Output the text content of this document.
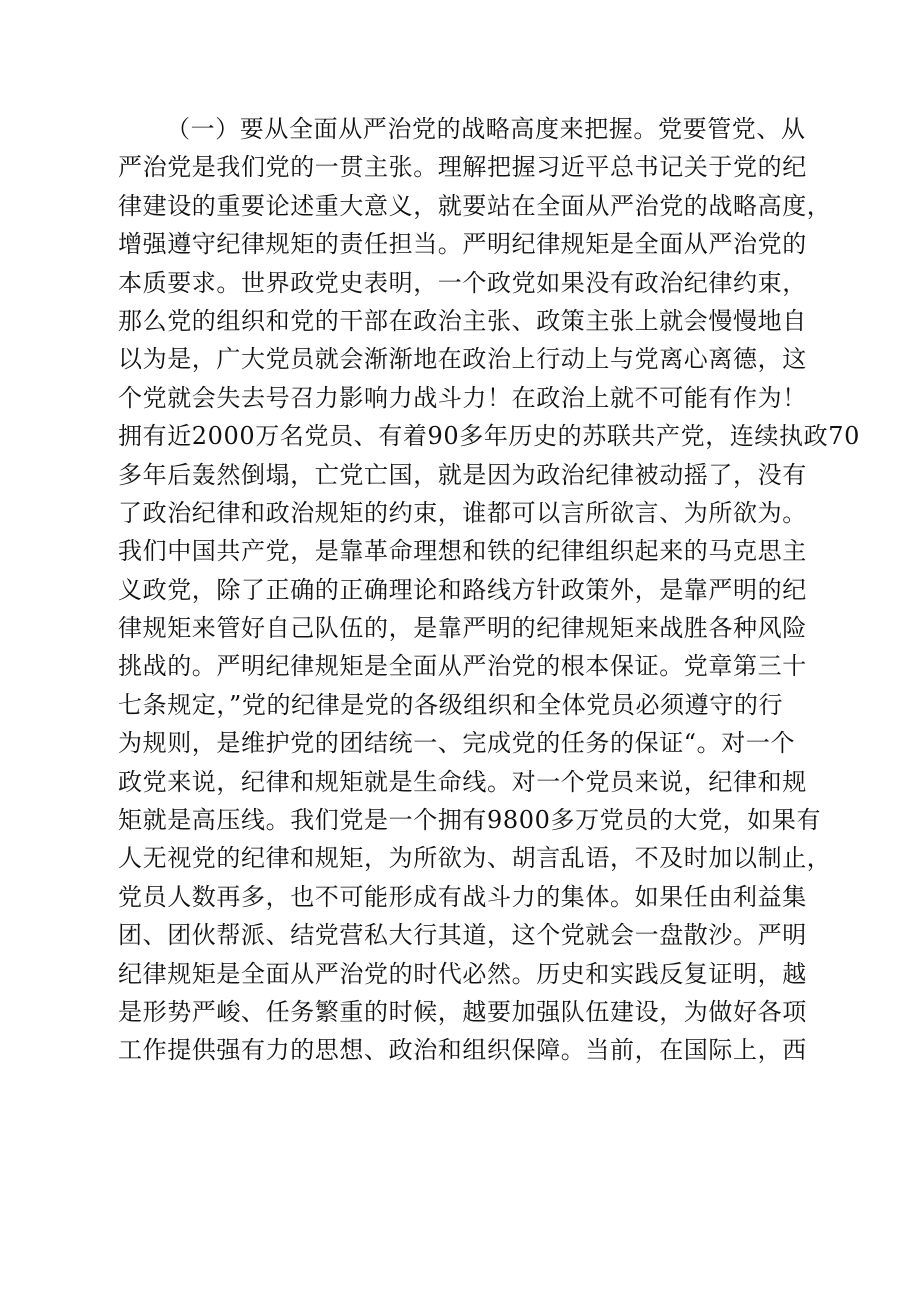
（一）要从全面从严治党的战略高度来把握。党要管党、从
严治党是我们党的一贯主张。理解把握习近平总书记关于党的纪
律建设的重要论述重大意义，就要站在全面从严治党的战略高度，
增强遵守纪律规矩的责任担当。严明纪律规矩是全面从严治党的
本质要求。世界政党史表明，一个政党如果没有政治纪律约束，
那么党的组织和党的干部在政治主张、政策主张上就会慢慢地自
以为是，广大党员就会渐渐地在政治上行动上与党离心离德，这
个党就会失去号召力影响力战斗力！在政治上就不可能有作为！
拥有近2000万名党员、有着90多年历史的苏联共产党，连续执政70
多年后轰然倒塌，亡党亡国，就是因为政治纪律被动摇了，没有
了政治纪律和政治规矩的约束，谁都可以言所欲言、为所欲为。
我们中国共产党，是靠革命理想和铁的纪律组织起来的马克思主
义政党，除了正确的正确理论和路线方针政策外，是靠严明的纪
律规矩来管好自己队伍的，是靠严明的纪律规矩来战胜各种风险
挑战的。严明纪律规矩是全面从严治党的根本保证。党章第三十
七条规定，”党的纪律是党的各级组织和全体党员必须遵守的行
为规则，是维护党的团结统一、完成党的任务的保证“。对一个
政党来说，纪律和规矩就是生命线。对一个党员来说，纪律和规
矩就是高压线。我们党是一个拥有9800多万党员的大党，如果有
人无视党的纪律和规矩，为所欲为、胡言乱语，不及时加以制止，
党员人数再多，也不可能形成有战斗力的集体。如果任由利益集
团、团伙帮派、结党营私大行其道，这个党就会一盘散沙。严明
纪律规矩是全面从严治党的时代必然。历史和实践反复证明，越
是形势严峻、任务繁重的时候，越要加强队伍建设，为做好各项
工作提供强有力的思想、政治和组织保障。当前，在国际上，西
